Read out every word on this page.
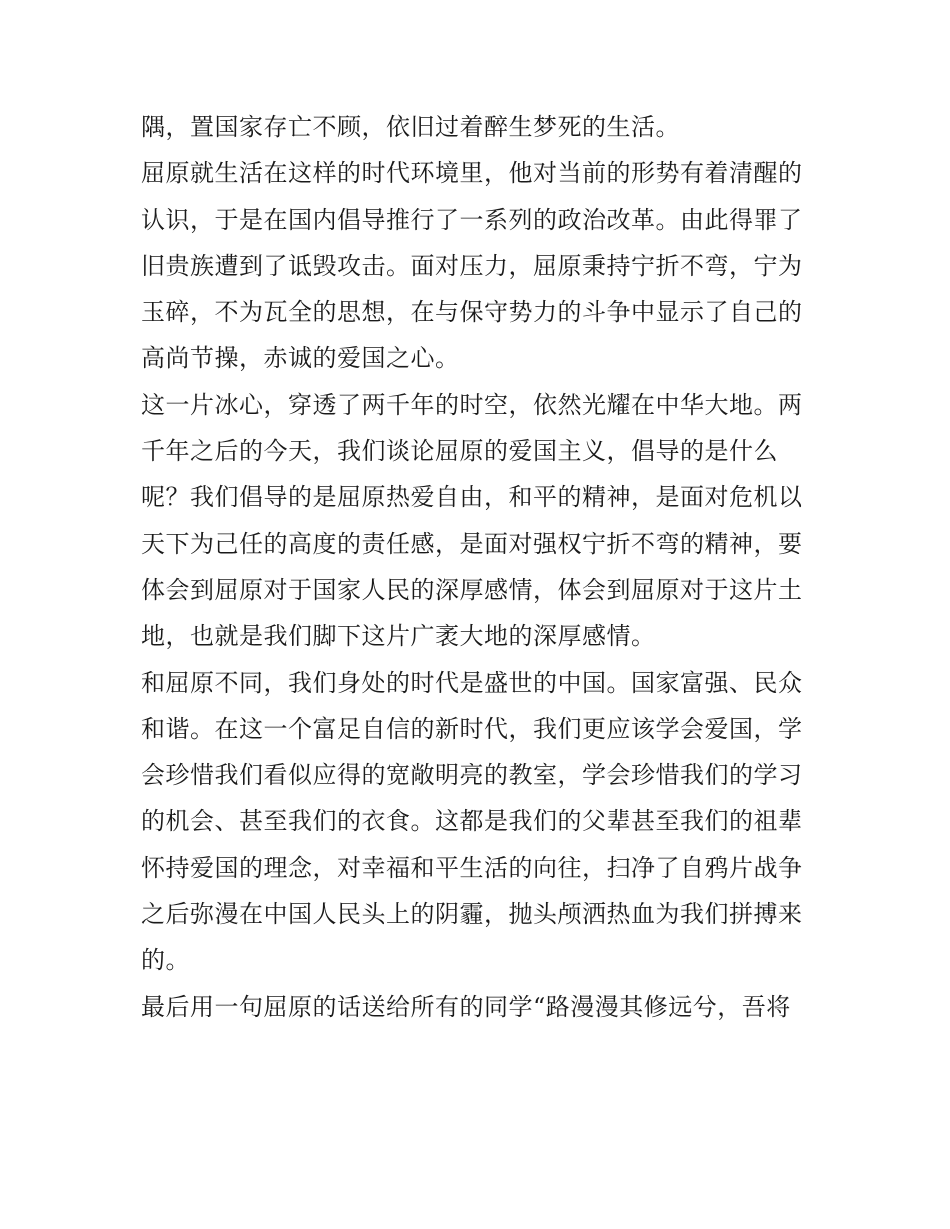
隅，置国家存亡不顾，依旧过着醉生梦死的生活。
屈原就生活在这样的时代环境里，他对当前的形势有着清醒的
认识，于是在国内倡导推行了一系列的政治改革。由此得罪了
旧贵族遭到了诋毁攻击。面对压力，屈原秉持宁折不弯，宁为
玉碎，不为瓦全的思想，在与保守势力的斗争中显示了自己的
高尚节操，赤诚的爱国之心。
这一片冰心，穿透了两千年的时空，依然光耀在中华大地。两
千年之后的今天，我们谈论屈原的爱国主义，倡导的是什么
呢？我们倡导的是屈原热爱自由，和平的精神，是面对危机以
天下为己任的高度的责任感，是面对强权宁折不弯的精神，要
体会到屈原对于国家人民的深厚感情，体会到屈原对于这片土
地，也就是我们脚下这片广袤大地的深厚感情。
和屈原不同，我们身处的时代是盛世的中国。国家富强、民众
和谐。在这一个富足自信的新时代，我们更应该学会爱国，学
会珍惜我们看似应得的宽敞明亮的教室，学会珍惜我们的学习
的机会、甚至我们的衣食。这都是我们的父辈甚至我们的祖辈
怀持爱国的理念，对幸福和平生活的向往，扫净了自鸦片战争
之后弥漫在中国人民头上的阴霾，抛头颅洒热血为我们拼搏来
的。
最后用一句屈原的话送给所有的同学“路漫漫其修远兮，吾将
